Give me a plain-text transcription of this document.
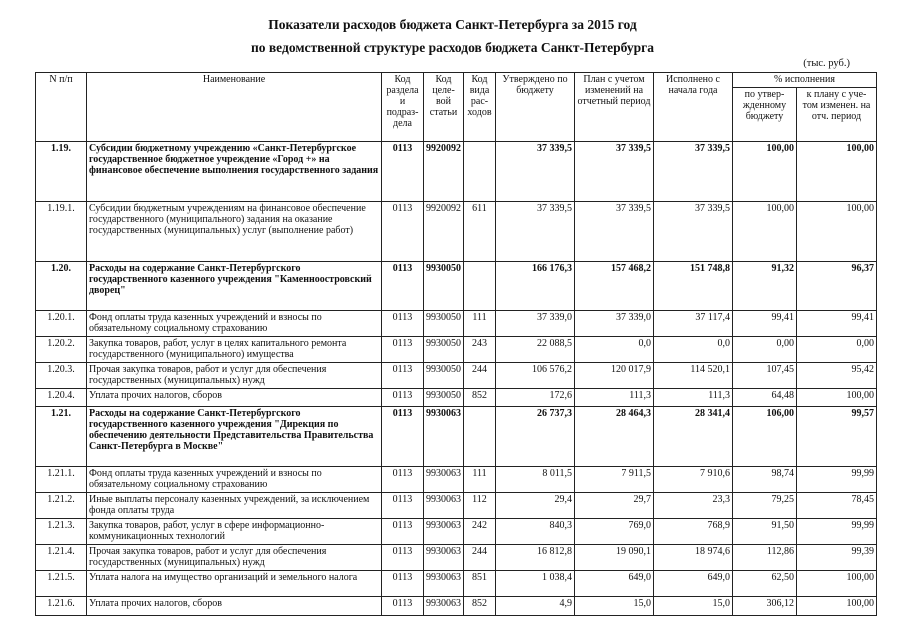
Показатели расходов бюджета Санкт-Петербурга за 2015 год
по ведомственной структуре расходов бюджета Санкт-Петербурга
(тыс. руб.)
N п/п	Наименование	Код раздела и подраз-дела	Код целе-вой статьи	Код вида рас-ходов	Утверждено по бюджету	План с учетом изменений на отчетный период	Исполнено с начала года	% исполнения	
								по утвер-жденному бюджету	к плану с уче-том изменен. на отч. период
1.19.	Субсидии бюджетному учреждению «Санкт-Петербургское государственное бюджетное учреждение «Город +» на финансовое обеспечение выполнения государственного задания	0113	9920092		37 339,5	37 339,5	37 339,5	100,00	100,00
1.19.1.	Субсидии бюджетным учреждениям на финансовое обеспечение государственного (муниципального) задания на оказание государственных (муниципальных) услуг (выполнение работ)	0113	9920092	611	37 339,5	37 339,5	37 339,5	100,00	100,00
1.20.	Расходы на содержание Санкт-Петербургского государственного казенного учреждения "Каменноостровский дворец"	0113	9930050		166 176,3	157 468,2	151 748,8	91,32	96,37
1.20.1.	Фонд оплаты труда казенных учреждений и взносы по обязательному социальному страхованию	0113	9930050	111	37 339,0	37 339,0	37 117,4	99,41	99,41
1.20.2.	Закупка товаров, работ, услуг в целях капитального ремонта государственного (муниципального) имущества	0113	9930050	243	22 088,5	0,0	0,0	0,00	0,00
1.20.3.	Прочая закупка товаров, работ и услуг для обеспечения государственных (муниципальных) нужд	0113	9930050	244	106 576,2	120 017,9	114 520,1	107,45	95,42
1.20.4.	Уплата прочих налогов, сборов	0113	9930050	852	172,6	111,3	111,3	64,48	100,00
1.21.	Расходы на содержание Санкт-Петербургского государственного казенного учреждения "Дирекция по обеспечению деятельности Представительства Правительства Санкт-Петербурга в Москве"	0113	9930063		26 737,3	28 464,3	28 341,4	106,00	99,57
1.21.1.	Фонд оплаты труда казенных учреждений и взносы по обязательному социальному страхованию	0113	9930063	111	8 011,5	7 911,5	7 910,6	98,74	99,99
1.21.2.	Иные выплаты персоналу казенных учреждений, за исключением фонда оплаты труда	0113	9930063	112	29,4	29,7	23,3	79,25	78,45
1.21.3.	Закупка товаров, работ, услуг в сфере информационно-коммуникационных технологий	0113	9930063	242	840,3	769,0	768,9	91,50	99,99
1.21.4.	Прочая закупка товаров, работ и услуг для обеспечения государственных (муниципальных) нужд	0113	9930063	244	16 812,8	19 090,1	18 974,6	112,86	99,39
1.21.5.	Уплата налога на имущество организаций и земельного налога	0113	9930063	851	1 038,4	649,0	649,0	62,50	100,00
1.21.6.	Уплата прочих налогов, сборов	0113	9930063	852	4,9	15,0	15,0	306,12	100,00
